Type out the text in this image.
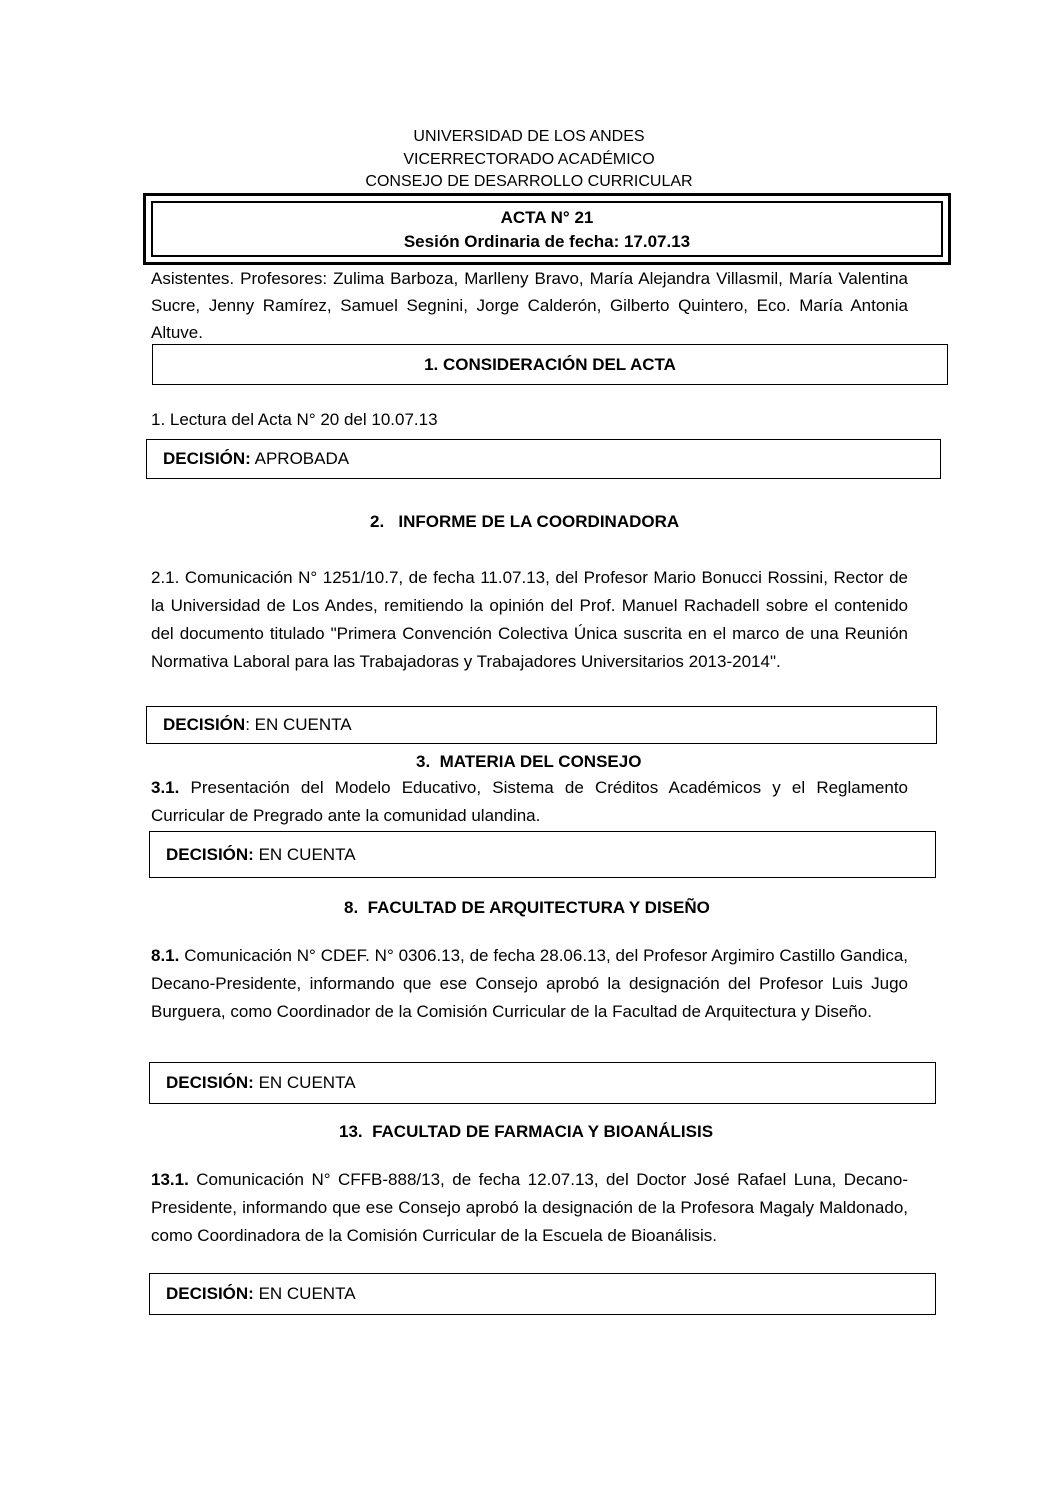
UNIVERSIDAD DE LOS ANDES
VICERRECTORADO ACADÉMICO
CONSEJO DE DESARROLLO CURRICULAR
ACTA N° 21
Sesión Ordinaria de fecha: 17.07.13
Asistentes. Profesores: Zulima Barboza, Marlleny Bravo, María Alejandra Villasmil, María Valentina Sucre, Jenny Ramírez, Samuel Segnini, Jorge Calderón, Gilberto Quintero, Eco. María Antonia Altuve.
1. CONSIDERACIÓN DEL ACTA
1. Lectura del Acta N° 20 del 10.07.13
DECISIÓN: APROBADA
2.   INFORME DE LA COORDINADORA
2.1. Comunicación N° 1251/10.7, de fecha 11.07.13, del Profesor Mario Bonucci Rossini, Rector de la Universidad de Los Andes, remitiendo la opinión del Prof. Manuel Rachadell sobre el contenido del documento titulado "Primera Convención Colectiva Única suscrita en el marco de una Reunión Normativa Laboral para las Trabajadoras y Trabajadores Universitarios 2013-2014".
DECISIÓN : EN CUENTA
3.  MATERIA DEL CONSEJO
3.1. Presentación del Modelo Educativo, Sistema de Créditos Académicos y el Reglamento Curricular de Pregrado ante la comunidad ulandina.
DECISIÓN: EN CUENTA
8.  FACULTAD DE ARQUITECTURA Y DISEÑO
8.1. Comunicación N° CDEF. N° 0306.13, de fecha 28.06.13, del Profesor Argimiro Castillo Gandica, Decano-Presidente, informando que ese Consejo aprobó la designación del Profesor Luis Jugo Burguera, como Coordinador de la Comisión Curricular de la Facultad de Arquitectura y Diseño.
DECISIÓN: EN CUENTA
13.  FACULTAD DE FARMACIA Y BIOANÁLISIS
13.1. Comunicación N° CFFB-888/13, de fecha 12.07.13, del Doctor José Rafael Luna, Decano-Presidente, informando que ese Consejo aprobó la designación de la Profesora Magaly Maldonado, como Coordinadora de la Comisión Curricular de la Escuela de Bioanálisis.
DECISIÓN: EN CUENTA
